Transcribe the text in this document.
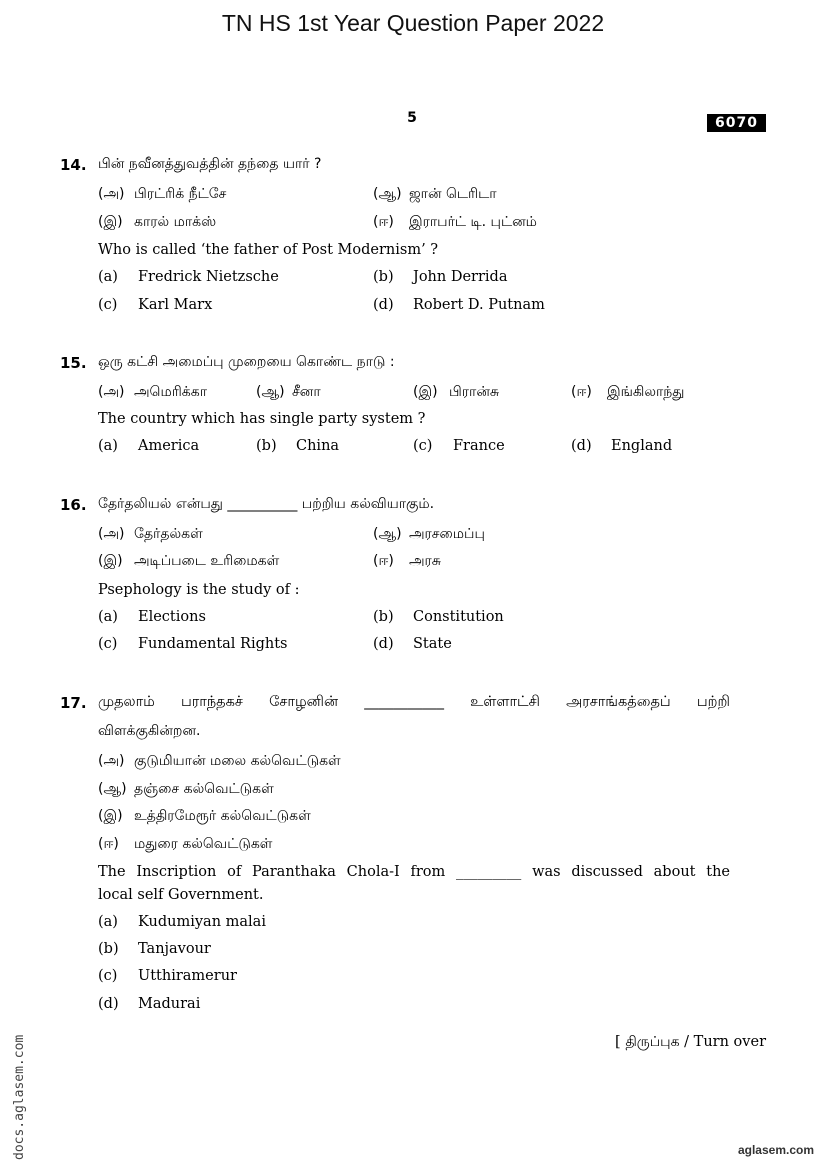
TN HS 1st Year Question Paper 2022
5	6070
14. பின் நவீனத்துவத்தின் தந்தை யார் ?
(அ) பிரட்ரிக் நீட்சே	(ஆ) ஜான் டெரிடா
(இ) காரல் மாக்ஸ்	(ஈ) இராபர்ட் டி. புட்னம்
Who is called ‘the father of Post Modernism’ ?
(a) Fredrick Nietzsche	(b) John Derrida
(c) Karl Marx	(d) Robert D. Putnam
15. ஒரு கட்சி அமைப்பு முறையை கொண்ட நாடு :
(அ) அமெரிக்கா	(ஆ) சீனா	(இ) பிரான்சு	(ஈ) இங்கிலாந்து
The country which has single party system ?
(a) America	(b) China	(c) France	(d) England
16. தேர்தலியல் என்பது __________ பற்றிய கல்வியாகும்.
(அ) தேர்தல்கள்	(ஆ) அரசமைப்பு
(இ) அடிப்படை உரிமைகள்	(ஈ) அரசு
Psephology is the study of :
(a) Elections	(b) Constitution
(c) Fundamental Rights	(d) State
17. முதலாம் பராந்தகச் சோழனின் ___________ உள்ளாட்சி அரசாங்கத்தைப் பற்றி
விளக்குகின்றன.
(அ) குடுமியான் மலை கல்வெட்டுகள்
(ஆ) தஞ்சை கல்வெட்டுகள்
(இ) உத்திரமேரூர் கல்வெட்டுகள்
(ஈ) மதுரை கல்வெட்டுகள்
The Inscription of Paranthaka Chola-I from _________ was discussed about the
local self Government.
(a) Kudumiyan malai
(b) Tanjavour
(c) Utthiramerur
(d) Madurai
[ திருப்புக / Turn over
docs.aglasem.com	aglasem.com
